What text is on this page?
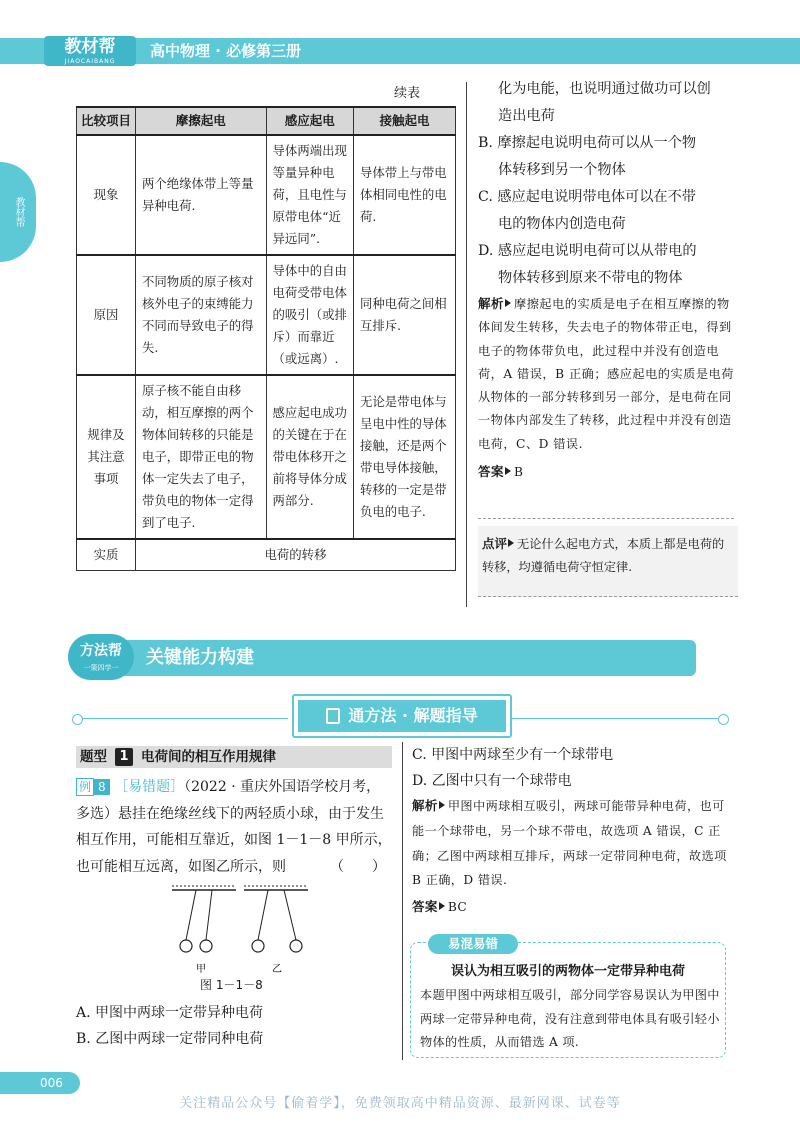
教材帮
JIAOCAIBANG
高中物理 · 必修第三册
教材帮
续表
比较项目	摩擦起电	感应起电	接触起电
现象	两个绝缘体带上等量异种电荷.	导体两端出现等量异种电荷，且电性与原带电体“近异远同”.	导体带上与带电体相同电性的电荷.
原因	不同物质的原子核对核外电子的束缚能力不同而导致电子的得失.	导体中的自由电荷受带电体的吸引（或排斥）而靠近（或远离）.	同种电荷之间相互排斥.
规律及其注意事项	原子核不能自由移动，相互摩擦的两个物体间转移的只能是电子，即带正电的物体一定失去了电子，带负电的物体一定得到了电子.	感应起电成功的关键在于在带电体移开之前将导体分成两部分.	无论是带电体与呈电中性的导体接触，还是两个带电导体接触，转移的一定是带负电的电子.
实质	电荷的转移		
化为电能，也说明通过做功可以创
造出电荷
B. 摩擦起电说明电荷可以从一个物
体转移到另一个物体
C. 感应起电说明带电体可以在不带
电的物体内创造电荷
D. 感应起电说明电荷可以从带电的
物体转移到原来不带电的物体
解析 摩擦起电的实质是电子在相互摩擦的物体间发生转移，失去电子的物体带正电，得到电子的物体带负电，此过程中并没有创造电荷，A 错误，B 正确；感应起电的实质是电荷从物体的一部分转移到另一部分，是电荷在同一物体内部发生了转移，此过程中并没有创造电荷，C、D 错误.
答案 B
点评 无论什么起电方式，本质上都是电荷的转移，均遵循电荷守恒定律.
方法帮
一策四学一	关键能力构建
通方法 · 解题指导
题型 1 电荷间的相互作用规律
例 8 ［易错题］（2022 · 重庆外国语学校月考，多选）悬挂在绝缘丝线下的两轻质小球，由于发生相互作用，可能相互靠近，如图 1－1－8 甲所示，也可能相互远离，如图乙所示，则	（　　）
甲	乙
图 1－1－8
A. 甲图中两球一定带异种电荷
B. 乙图中两球一定带同种电荷
C. 甲图中两球至少有一个球带电
D. 乙图中只有一个球带电
解析 甲图中两球相互吸引，两球可能带异种电荷，也可能一个球带电，另一个球不带电，故选项 A 错误，C 正确；乙图中两球相互排斥，两球一定带同种电荷，故选项 B 正确，D 错误.
答案 BC
易混易错
误认为相互吸引的两物体一定带异种电荷
本题甲图中两球相互吸引，部分同学容易误认为甲图中两球一定带异种电荷，没有注意到带电体具有吸引轻小物体的性质，从而错选 A 项.
006
关注精品公众号【偷着学】，免费领取高中精品资源、最新网课、试卷等
